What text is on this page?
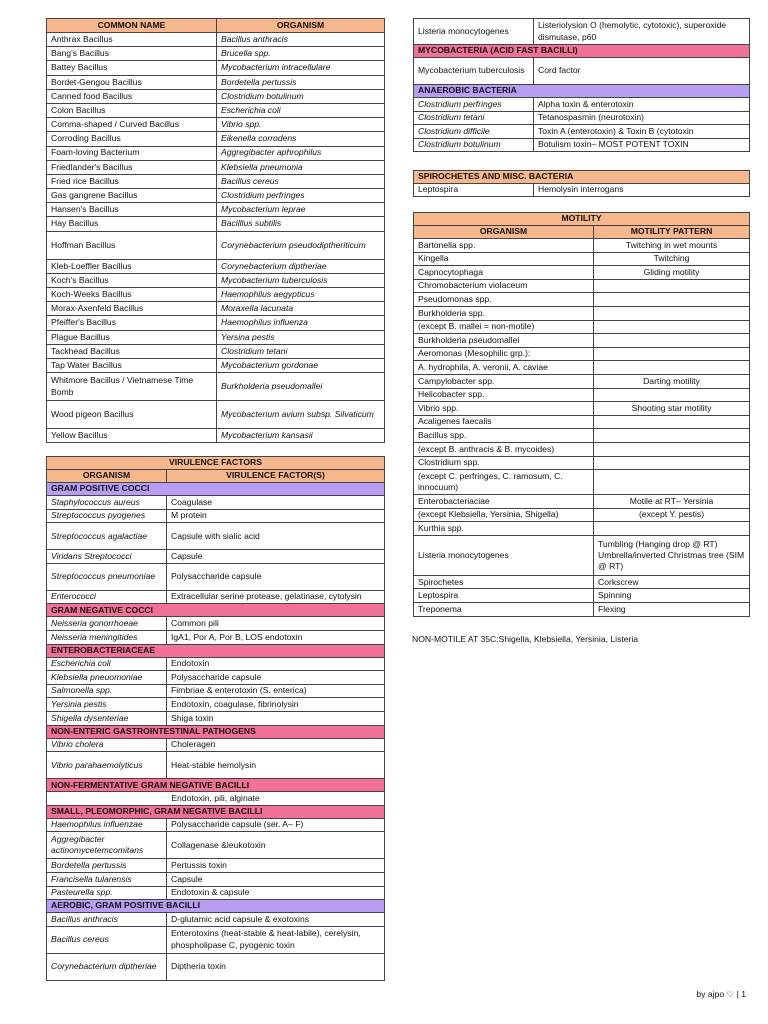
COMMON NAME	ORGANISM
Anthrax Bacillus	Bacillus anthracis
Bang's Bacillus	Brucella spp.
Battey Bacillus	Mycobacterium intracellulare
Bordet-Gengou Bacillus	Bordetella pertussis
Canned food Bacillus	Clostridium botulinum
Colon Bacillus	Escherichia coli
Comma-shaped / Curved Bacillus	Vibrio spp.
Corroding Bacillus	Eikenella corrodens
Foam-loving Bacterium	Aggregibacter aphrophilus
Friedlander's Bacillus	Klebsiella pneumonia
Fried rice Bacillus	Bacillus cereus
Gas gangrene Bacillus	Clostridium perfringes
Hansen's Bacillus	Mycobacterium leprae
Hay Bacillus	Bacilllus subtilis
Hoffman Bacillus	Corynebacterium pseudodiptheriticum
Kleb-Loeffler Bacillus	Corynebacterium diptheriae
Koch's Bacillus	Mycobacterium tuberculosis
Koch-Weeks Bacillus	Haemophilus aegypticus
Morax-Axenfeld Bacillus	Moraxella lacunata
Pfeiffer's Bacillus	Haemophilus influenza
Plague Bacillus	Yersina pestis
Tackhead Bacillus	Clostridium tetani
Tap Water Bacillus	Mycobacterium gordonae
Whitmore Bacillus / Vietnamese Time Bomb	Burkholderia pseudomallei
Wood pigeon Bacillus	Mycobacterium avium subsp. Silvaticum
Yellow Bacillus	Mycobacterium kansasii
VIRULENCE FACTORS	
ORGANISM	VIRULENCE FACTOR(S)
GRAM POSITIVE COCCI	
Staphylococcus aureus	Coagulase
Streptococcus pyogenes	M protein
Streptococcus agalactiae	Capsule with sialic acid
Viridans Streptococci	Capsule
Streptococcus pneumoniae	Polysaccharide capsule
Enterococci	Extracellular serine protease, gelatinase, cytolysin
GRAM NEGATIVE COCCI	
Neisseria gonorrhoeae	Common pili
Neisseria meningitides	IgA1, Por A, Por B, LOS endotoxin
ENTEROBACTERIACEAE	
Escherichia coli	Endotoxin
Klebsiella pneuomoniae	Polysaccharide capsule
Salmonella spp.	Fimbriae & enterotoxin (S. enterica)
Yersinia pestis	Endotoxin, coagulase, fibrinolysin
Shigella dysenteriae	Shiga toxin
NON-ENTERIC GASTROINTESTINAL PATHOGENS	
Vibrio cholera	Choleragen
Vibrio parahaemolyticus	Heat-stable hemolysin
NON-FERMENTATIVE GRAM NEGATIVE BACILLI	
Endotoxin, pili, alginate	
SMALL, PLEOMORPHIC, GRAM NEGATIVE BACILLI	
Haemophilus influenzae	Polysaccharide capsule (ser. A– F)
Aggregibacter actinomycetemcomitans	Collagenase &leukotoxin
Bordetella pertussis	Pertussis toxin
Francisella tularensis	Capsule
Pasteurella spp.	Endotoxin & capsule
AEROBIC, GRAM POSITIVE BACILLI	
Bacillus anthracis	D-glutamic acid capsule & exotoxins
Bacillus cereus	Enterotoxins (heat-stable & heat-labile), cerelysin, phospholipase C, pyogenic toxin
Corynebacterium diptheriae	Diptheria toxin
Listeria monocytogenes	Listeriolysion O (hemolytic, cytotoxic), superoxide dismutase, p60
MYCOBACTERIA (ACID FAST BACILLI)	
Mycobacterium tuberculosis	Cord factor
ANAEROBIC BACTERIA	
Clostridium perfringes	Alpha toxin & enterotoxin
Clostridium tetani	Tetanospasmin (neurotoxin)
Clostridium difficile	Toxin A (enterotoxin) & Toxin B (cytotoxin
Clostridium botulinum	Botulism toxin– MOST POTENT TOXIN
SPIROCHETES AND MISC. BACTERIA
Leptospira	Hemolysin interrogans
MOTILITY	
ORGANISM	MOTILITY PATTERN
Bartonella spp.	Twitching in wet mounts
Kingella	Twitching
Capnocytophaga	Gliding motility
Chromobacterium violaceum	
Pseudomonas spp.	
Burkholderia spp.	
(except B. mallei = non-motile)	
Burkholderia pseudomallei	
Aeromonas (Mesophilic grp.):	
A. hydrophila, A. veronii, A. caviae	
Campylobacter spp.	Darting motility
Helicobacter spp.	
Vibrio spp.	Shooting star motility
Acaligenes faecalis	
Bacillus spp.	
(except B. anthracis & B. mycoides)	
Clostridium spp.	
(except C. perfringes, C. ramosum, C. innocuum)	
Enterobacteriaciae	Motile at RT– Yersinia
(except Klebsiella, Yersinia, Shigella)	(except Y. pestis)
Kurthia spp.	
Listeria monocytogenes	Tumbling (Hanging drop @ RT) Umbrella/inverted Christmas tree (SIM @ RT)
Spirochetes	Corkscrew
Leptospira	Spinning
Treponema	Flexing
NON-MOTILE AT 35C:Shigella, Klebsiella, Yersinia, Listeria
by ajpo ♡ | 1
